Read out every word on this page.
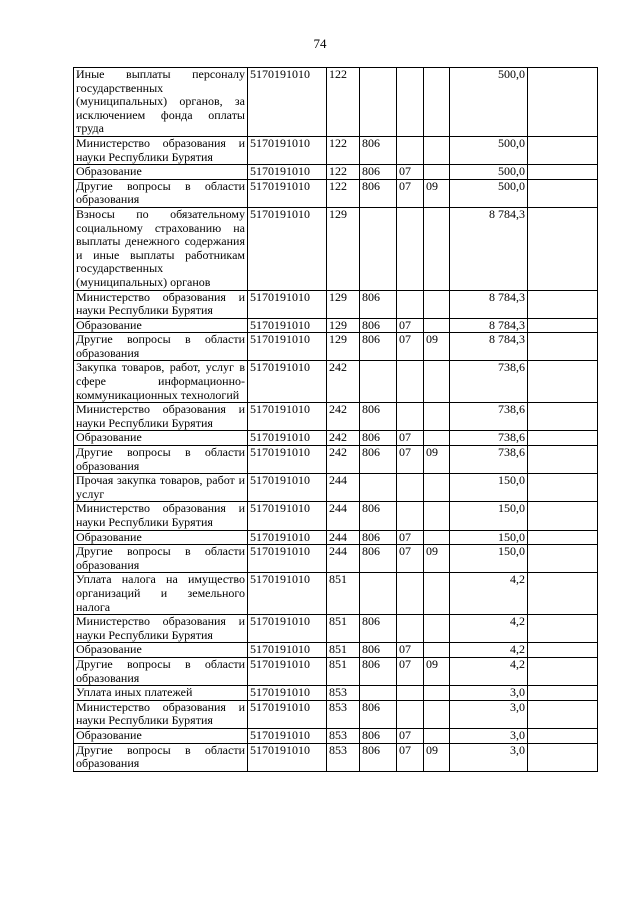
74
Иные выплаты персоналу государственных (муниципальных) органов, за исключением фонда оплаты труда	5170191010	122				500,0	
Министерство образования и науки Республики Бурятия	5170191010	122	806			500,0	
Образование	5170191010	122	806	07		500,0	
Другие вопросы в области образования	5170191010	122	806	07	09	500,0	
Взносы по обязательному социальному страхованию на выплаты денежного содержания и иные выплаты работникам государственных (муниципальных) органов	5170191010	129				8 784,3	
Министерство образования и науки Республики Бурятия	5170191010	129	806			8 784,3	
Образование	5170191010	129	806	07		8 784,3	
Другие вопросы в области образования	5170191010	129	806	07	09	8 784,3	
Закупка товаров, работ, услуг в сфере информационно-коммуникационных технологий	5170191010	242				738,6	
Министерство образования и науки Республики Бурятия	5170191010	242	806			738,6	
Образование	5170191010	242	806	07		738,6	
Другие вопросы в области образования	5170191010	242	806	07	09	738,6	
Прочая закупка товаров, работ и услуг	5170191010	244				150,0	
Министерство образования и науки Республики Бурятия	5170191010	244	806			150,0	
Образование	5170191010	244	806	07		150,0	
Другие вопросы в области образования	5170191010	244	806	07	09	150,0	
Уплата налога на имущество организаций и земельного налога	5170191010	851				4,2	
Министерство образования и науки Республики Бурятия	5170191010	851	806			4,2	
Образование	5170191010	851	806	07		4,2	
Другие вопросы в области образования	5170191010	851	806	07	09	4,2	
Уплата иных платежей	5170191010	853				3,0	
Министерство образования и науки Республики Бурятия	5170191010	853	806			3,0	
Образование	5170191010	853	806	07		3,0	
Другие вопросы в области образования	5170191010	853	806	07	09	3,0	
